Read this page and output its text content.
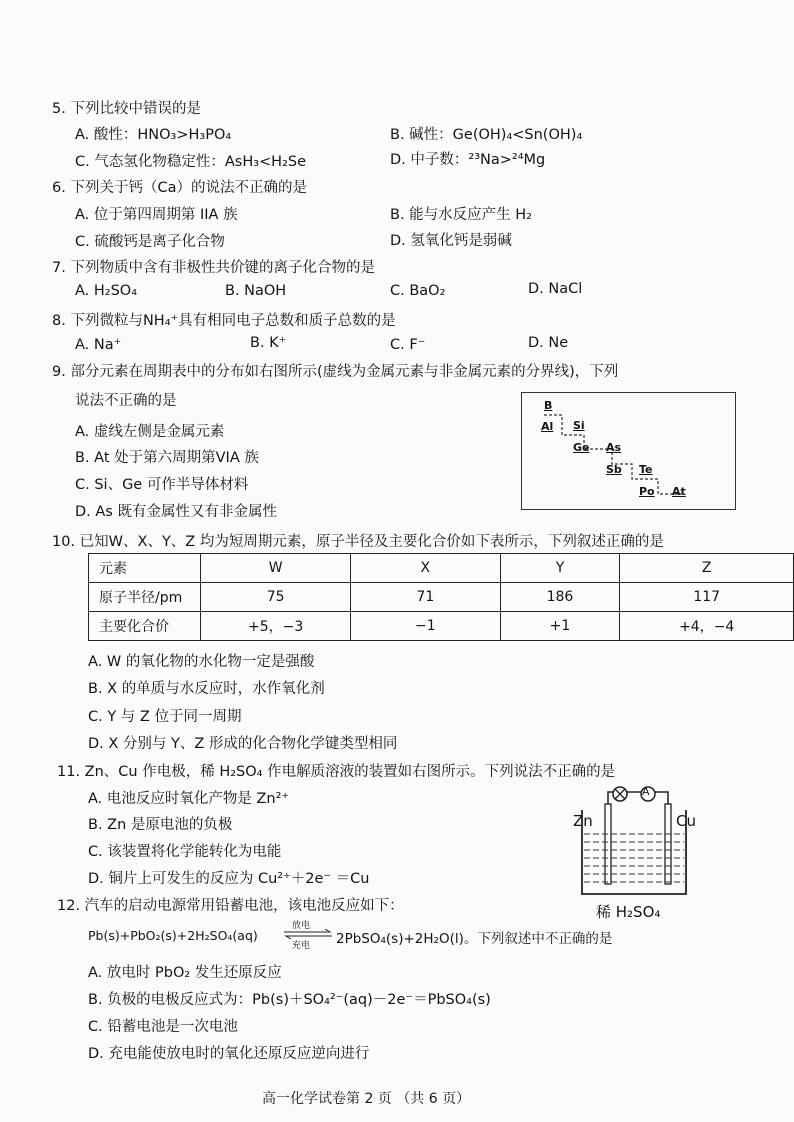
5. 下列比较中错误的是
A. 酸性：HNO₃>H₃PO₄	B. 碱性：Ge(OH)₄<Sn(OH)₄
C. 气态氢化物稳定性：AsH₃<H₂Se	D. 中子数：²³Na>²⁴Mg
6. 下列关于钙（Ca）的说法不正确的是
A. 位于第四周期第 IIA 族	B. 能与水反应产生 H₂
C. 硫酸钙是离子化合物	D. 氢氧化钙是弱碱
7. 下列物质中含有非极性共价键的离子化合物的是
A. H₂SO₄	B. NaOH	C. BaO₂	D. NaCl
8. 下列微粒与NH₄⁺具有相同电子总数和质子总数的是
A. Na⁺	B. K⁺	C. F⁻	D. Ne
9. 部分元素在周期表中的分布如右图所示(虚线为金属元素与非金属元素的分界线)，下列
说法不正确的是
A. 虚线左侧是金属元素
B. At 处于第六周期第VIA 族
C. Si、Ge 可作半导体材料
D. As 既有金属性又有非金属性
B
Al Si
Ge As
Sb Te
Po At
10. 已知W、X、Y、Z 均为短周期元素，原子半径及主要化合价如下表所示，下列叙述正确的是
元素	W	X	Y	Z
原子半径/pm	75	71	186	117
主要化合价	+5，−3	−1	+1	+4，−4
A. W 的氧化物的水化物一定是强酸
B. X 的单质与水反应时，水作氧化剂
C. Y 与 Z 位于同一周期
D. X 分别与 Y、Z 形成的化合物化学键类型相同
11. Zn、Cu 作电极，稀 H₂SO₄ 作电解质溶液的装置如右图所示。下列说法不正确的是
A. 电池反应时氧化产物是 Zn²⁺
B. Zn 是原电池的负极
C. 该装置将化学能转化为电能
D. 铜片上可发生的反应为 Cu²⁺＋2e⁻ ＝Cu
A
Zn	Cu
稀 H₂SO₄
12. 汽车的启动电源常用铅蓄电池，该电池反应如下：
Pb(s)+PbO₂(s)+2H₂SO₄(aq)
放电
充电 2PbSO₄(s)+2H₂O(l)。下列叙述中不正确的是
A. 放电时 PbO₂ 发生还原反应
B. 负极的电极反应式为：Pb(s)＋SO₄²⁻(aq)－2e⁻＝PbSO₄(s)
C. 铅蓄电池是一次电池
D. 充电能使放电时的氧化还原反应逆向进行
高一化学试卷第 2 页 （共 6 页）
